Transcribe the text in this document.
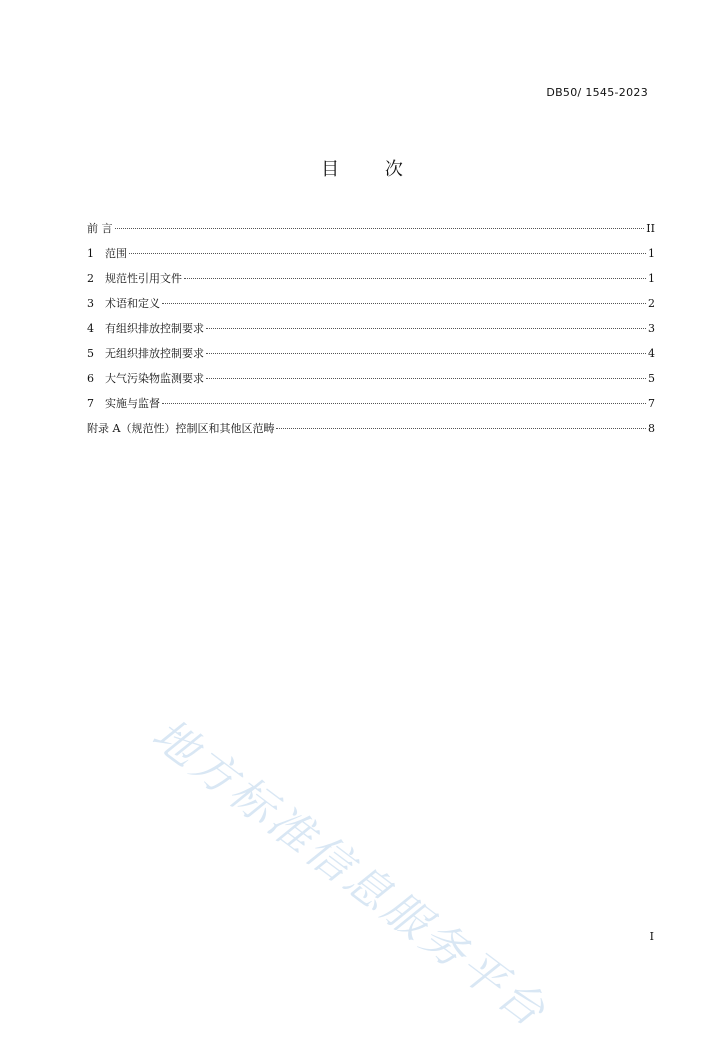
DB50/ 1545-2023
目 次
前 言	II
1	范围	1
2	规范性引用文件	1
3	术语和定义	2
4	有组织排放控制要求	3
5	无组织排放控制要求	4
6	大气污染物监测要求	5
7	实施与监督	7
附录 A（规范性）控制区和其他区范畴	8
地方标准信息服务平台	I
